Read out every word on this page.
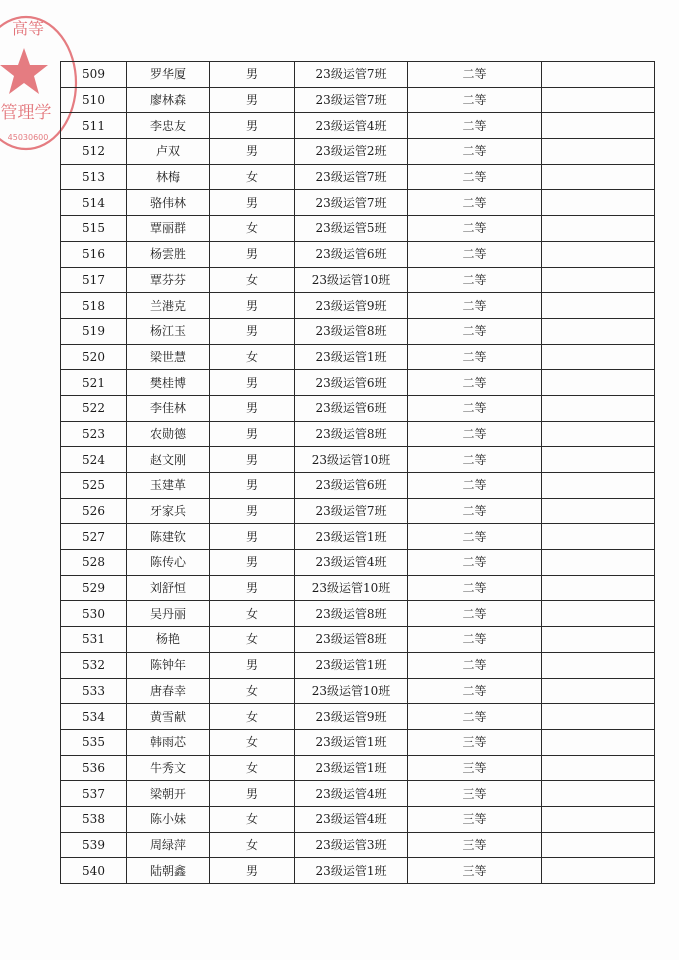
高等
管理学
45030600
509	罗华厦	男	23级运管7班	二等	
510	廖林森	男	23级运管7班	二等	
511	李忠友	男	23级运管4班	二等	
512	卢双	男	23级运管2班	二等	
513	林梅	女	23级运管7班	二等	
514	骆伟林	男	23级运管7班	二等	
515	覃丽群	女	23级运管5班	二等	
516	杨雲胜	男	23级运管6班	二等	
517	覃芬芬	女	23级运管10班	二等	
518	兰港克	男	23级运管9班	二等	
519	杨江玉	男	23级运管8班	二等	
520	梁世慧	女	23级运管1班	二等	
521	樊桂博	男	23级运管6班	二等	
522	李佳林	男	23级运管6班	二等	
523	农勋德	男	23级运管8班	二等	
524	赵文刚	男	23级运管10班	二等	
525	玉建革	男	23级运管6班	二等	
526	牙家兵	男	23级运管7班	二等	
527	陈建钦	男	23级运管1班	二等	
528	陈传心	男	23级运管4班	二等	
529	刘舒恒	男	23级运管10班	二等	
530	吴丹丽	女	23级运管8班	二等	
531	杨艳	女	23级运管8班	二等	
532	陈钟年	男	23级运管1班	二等	
533	唐春幸	女	23级运管10班	二等	
534	黄雪献	女	23级运管9班	二等	
535	韩雨芯	女	23级运管1班	三等	
536	牛秀文	女	23级运管1班	三等	
537	梁朝开	男	23级运管4班	三等	
538	陈小妹	女	23级运管4班	三等	
539	周绿萍	女	23级运管3班	三等	
540	陆朝鑫	男	23级运管1班	三等	
